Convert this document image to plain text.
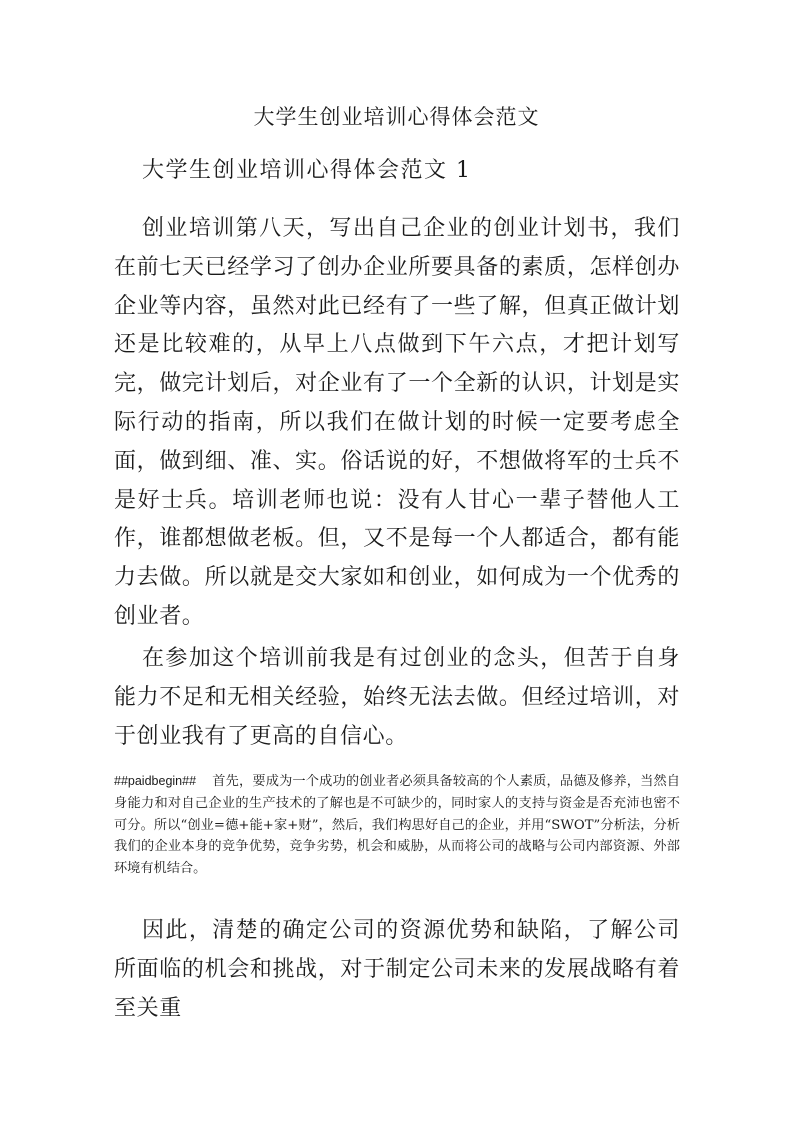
大学生创业培训心得体会范文
大学生创业培训心得体会范文 1

创业培训第八天，写出自己企业的创业计划书，我们在前七天已经学习了创办企业所要具备的素质，怎样创办企业等内容，虽然对此已经有了一些了解，但真正做计划还是比较难的，从早上八点做到下午六点，才把计划写完，做完计划后，对企业有了一个全新的认识，计划是实际行动的指南，所以我们在做计划的时候一定要考虑全面，做到细、准、实。俗话说的好，不想做将军的士兵不是好士兵。培训老师也说：没有人甘心一辈子替他人工作，谁都想做老板。但，又不是每一个人都适合，都有能力去做。所以就是交大家如和创业，如何成为一个优秀的创业者。

在参加这个培训前我是有过创业的念头，但苦于自身能力不足和无相关经验，始终无法去做。但经过培训，对于创业我有了更高的自信心。

##paidbegin## 首先，要成为一个成功的创业者必须具备较高的个人素质，品德及修养，当然自身能力和对自己企业的生产技术的了解也是不可缺少的，同时家人的支持与资金是否充沛也密不可分。所以“创业=德+能+家+财”，然后，我们构思好自己的企业，并用“SWOT”分析法，分析我们的企业本身的竞争优势，竞争劣势，机会和威胁，从而将公司的战略与公司内部资源、外部环境有机结合。

因此，清楚的确定公司的资源优势和缺陷，了解公司所面临的机会和挑战，对于制定公司未来的发展战略有着至关重
